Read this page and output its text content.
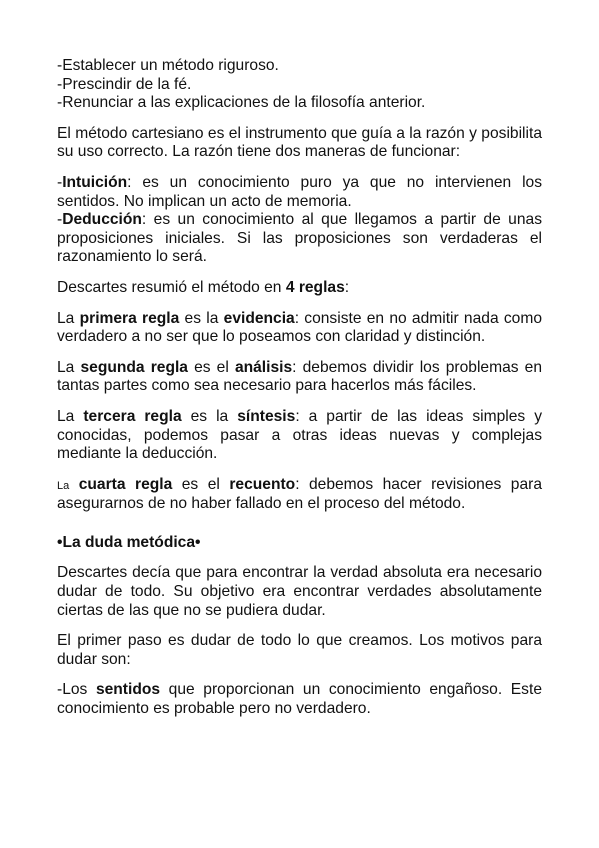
-Establecer un método riguroso.
-Prescindir de la fé.
-Renunciar a las explicaciones de la filosofía anterior.

El método cartesiano es el instrumento que guía a la razón y posibilita su uso correcto. La razón tiene dos maneras de funcionar:

-Intuición: es un conocimiento puro ya que no intervienen los sentidos. No implican un acto de memoria.
-Deducción: es un conocimiento al que llegamos a partir de unas proposiciones iniciales. Si las proposiciones son verdaderas el razonamiento lo será.

Descartes resumió el método en 4 reglas:

La primera regla es la evidencia: consiste en no admitir nada como verdadero a no ser que lo poseamos con claridad y distinción.

La segunda regla es el análisis: debemos dividir los problemas en tantas partes como sea necesario para hacerlos más fáciles.

La tercera regla es la síntesis: a partir de las ideas simples y conocidas, podemos pasar a otras ideas nuevas y complejas mediante la deducción.

La cuarta regla es el recuento: debemos hacer revisiones para asegurarnos de no haber fallado en el proceso del método.

•La duda metódica•

Descartes decía que para encontrar la verdad absoluta era necesario dudar de todo. Su objetivo era encontrar verdades absolutamente ciertas de las que no se pudiera dudar.

El primer paso es dudar de todo lo que creamos. Los motivos para dudar son:

-Los sentidos que proporcionan un conocimiento engañoso. Este conocimiento es probable pero no verdadero.
